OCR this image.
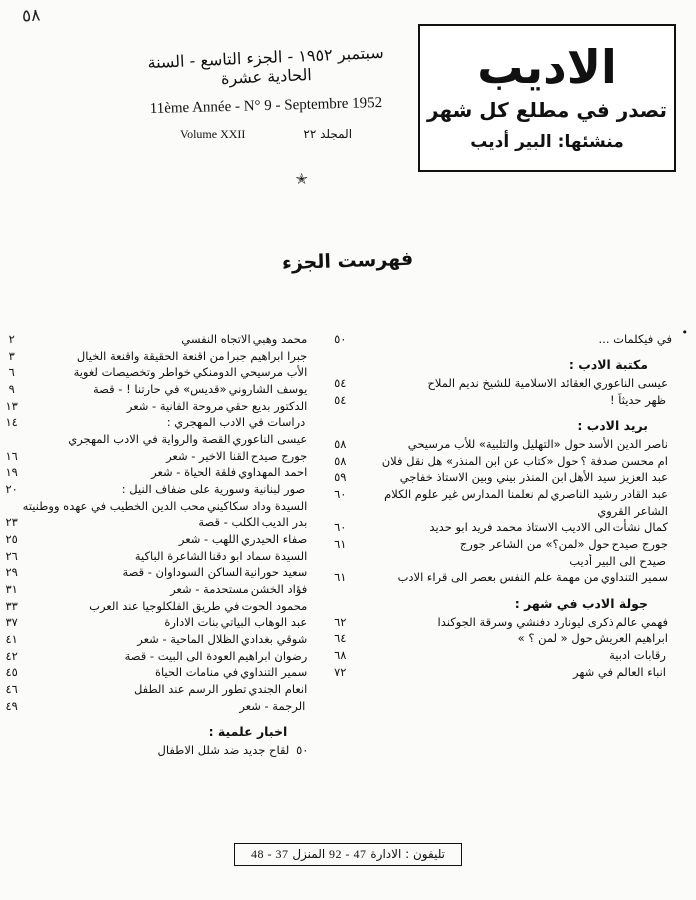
٥٨
الاديب
تصدر في مطلع كل شهر
منشئها: البير أديب
سبتمبر ١٩٥٢ - الجزء التاسع - السنة الحادية عشرة
11ème Année - N° 9 - Septembre 1952
Volume XXII	المجلد ٢٢
✭
فهرست الجزء
•
في فيكلمات ...
٥٠
مكتبة الادب :
عيسى الناعوري
العقائد الاسلامية للشيخ نديم الملاح
٥٤
ظهر حديثاً !
٥٤
بريد الادب :
ناصر الدين الأسد
حول «التهليل والتلبية» للأب مرسيحي
٥٨
ام محسن صدفة ؟
حول «كتاب عن ابن المنذر» هل نقل فلان
٥٨
عبد العزيز سيد الأهل
ابن المنذر بيني وبين الاستاذ خفاجي
٥٩
عبد القادر رشيد الناصري
لم نعلمنا المدارس غير علوم الكلام
٦٠
الشاعر القروي
كمال نشأت
الى الاديب الاستاذ محمد فريد ابو حديد
٦٠
جورج صيدح
حول «لمن؟» من الشاعر جورج
٦١
صيدح الى البير أديب
سمير التنداوي
من مهمة علم النفس بعصر الى قراء الادب
٦١
جولة الادب في شهر :
فهمي عالم
ذكرى ليونارد دفنشي وسرقة الجوكندا
٦٢
ابراهيم العريش
حول « لمن ؟ »
٦٤
رقابات ادبية
٦٨
انباء العالم في شهر
٧٢
محمد وهبي
الاتجاه النفسي
٢
جبرا ابراهيم جبرا
من اقنعة الحقيقة واقنعة الخيال
٣
الأب مرسيحي الدومنكي
خواطر وتخصيصات لغوية
٦
يوسف الشاروني
«قديس» في حارتنا ! - قصة
٩
الدكتور بديع حقي
مروحة الفانية - شعر
١٣
دراسات في الادب المهجري :
١٤
عيسى الناعوري
القصة والرواية في الادب المهجري
جورج صيدح
القنا الاخير - شعر
١٦
احمد المهداوي
فلقة الحياة - شعر
١٩
صور لبنانية وسورية على ضفاف النيل :
٢٠
السيدة وداد سكاكيني
محب الدين الخطيب في عهده ووطنيته
بدر الديب
الكلب - قصة
٢٣
صفاء الحيدري
اللهب - شعر
٢٥
السيدة سماد ابو دقنا
الشاعرة الباكية
٢٦
سعيد حورانية
الساكن السوداوان - قصة
٢٩
فؤاد الخشن
مستحدمة - شعر
٣١
محمود الحوت
في طريق الفلكلوجيا عند العرب
٣٣
عبد الوهاب البياتي
بنات الادارة
٣٧
شوقي بغدادي
الظلال الماحية - شعر
٤١
رضوان ابراهيم
العودة الى البيت - قصة
٤٢
سمير التنداوي
في منامات الحياة
٤٥
انعام الجندي
تطور الرسم عند الطفل
٤٦
الرجمة - شعر
٤٩
اخبار علمية :
٥٠
لقاح جديد ضد شلل الاطفال
تليفون : الادارة 92 - 47 المنزل 48 - 37
